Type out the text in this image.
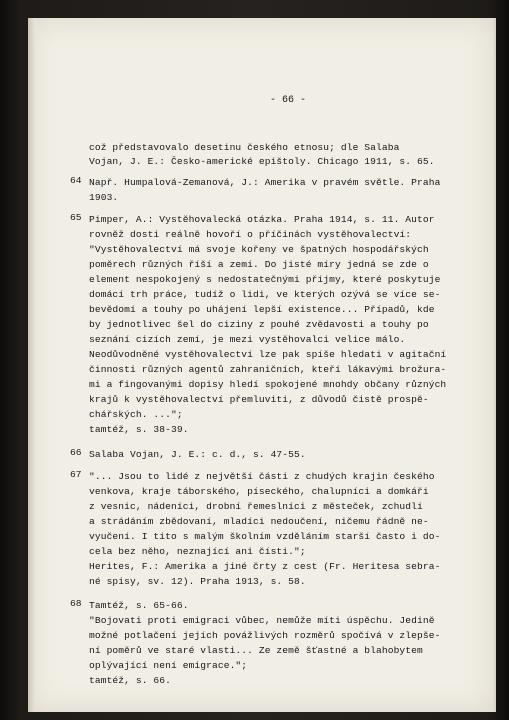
- 66 -
což představovalo desetinu českého etnosu; dle Salaba
Vojan, J. E.: Česko-americké epištoly. Chicago 1911, s. 65.
64 Např. Humpalová-Zemanová, J.: Amerika v pravém světle. Praha
1903.
65 Pimper, A.: Vystěhovalecká otázka. Praha 1914, s. 11. Autor
rovněž dosti reálně hovoří o příčinách vystěhovalectví:
"Vystěhovalectví má svoje kořeny ve špatných hospodářských
poměrech různých říší a zemí. Do jisté míry jedná se zde o
element nespokojený s nedostatečnými příjmy, které poskytuje
domácí trh práce, tudíž o lidi, ve kterých ozývá se více se-
bevědomí a touhy po uhájení lepší existence... Případů, kde
by jednotlivec šel do ciziny z pouhé zvědavosti a touhy po
seznání cizích zemí, je mezi vystěhovalci velice málo.
Neodůvodněné vystěhovalectví lze pak spíše hledati v agitační
činnosti různých agentů zahraničních, kteří lákavými brožura-
mi a fingovanými dopisy hledí spokojené mnohdy občany různých
krajů k vystěhovalectví přemluviti, z důvodů čistě prospě-
chářských. ...";
tamtéž, s. 38-39.
66 Salaba Vojan, J. E.: c. d., s. 47-55.
67 "... Jsou to lidé z největší části z chudých krajin českého
venkova, kraje táborského, píseckého, chalupníci a domkáři
z vesnic, nádeníci, drobní řemeslníci z městeček, zchudlí
a strádáním zbědovaní, mladíci nedoučení, ničemu řádně ne-
vyučení. I tito s malým školním vzděláním starší často i do-
cela bez něho, neznající ani čísti.";
Herites, F.: Amerika a jiné črty z cest (Fr. Heritesa sebra-
né spisy, sv. 12). Praha 1913, s. 58.
68 Tamtéž, s. 65-66.
"Bojovati proti emigraci vůbec, nemůže míti úspěchu. Jedině
možné potlačení jejích povážlivých rozměrů spočívá v zlepše-
ní poměrů ve staré vlasti... Ze země šťastné a blahobytem
oplývající není emigrace.";
tamtéž, s. 66.
